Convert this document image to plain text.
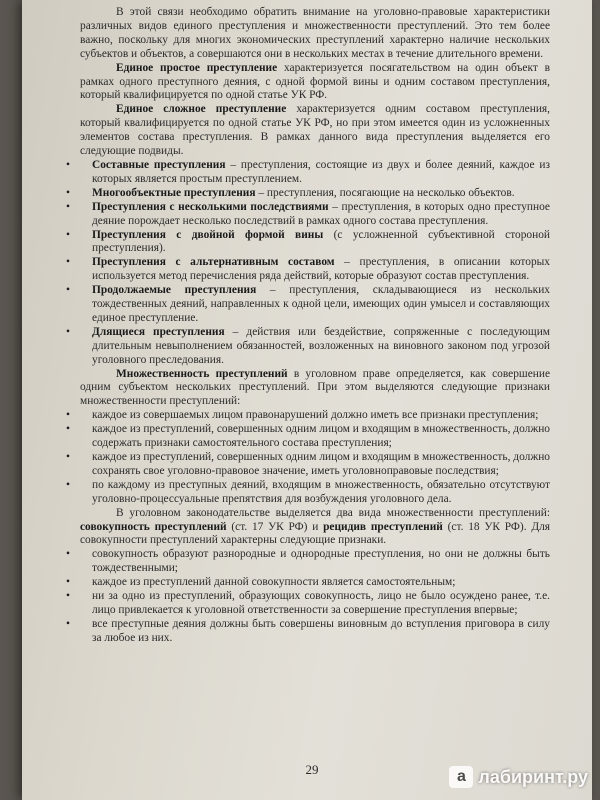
В этой связи необходимо обратить внимание на уголовно-правовые характеристики различных видов единого преступления и множественности преступлений. Это тем более важно, поскольку для многих экономических преступлений характерно наличие нескольких субъектов и объектов, а совершаются они в нескольких местах в течение длительного времени.

Единое простое преступление характеризуется посягательством на один объект в рамках одного преступного деяния, с одной формой вины и одним составом преступления, который квалифицируется по одной статье УК РФ.

Единое сложное преступление характеризуется одним составом преступления, который квалифицируется по одной статье УК РФ, но при этом имеется один из усложненных элементов состава преступления. В рамках данного вида преступления выделяется его следующие подвиды.

• Составные преступления – преступления, состоящие из двух и более деяний, каждое из которых является простым преступлением.
• Многообъектные преступления – преступления, посягающие на несколько объектов.
• Преступления с несколькими последствиями – преступления, в которых одно преступное деяние порождает несколько последствий в рамках одного состава преступления.
• Преступления с двойной формой вины (с усложненной субъективной стороной преступления).
• Преступления с альтернативным составом – преступления, в описании которых используется метод перечисления ряда действий, которые образуют состав преступления.
• Продолжаемые преступления – преступления, складывающиеся из нескольких тождественных деяний, направленных к одной цели, имеющих один умысел и составляющих единое преступление.
• Длящиеся преступления – действия или бездействие, сопряженные с последующим длительным невыполнением обязанностей, возложенных на виновного законом под угрозой уголовного преследования.

Множественность преступлений в уголовном праве определяется, как совершение одним субъектом нескольких преступлений. При этом выделяются следующие признаки множественности преступлений:

• каждое из совершаемых лицом правонарушений должно иметь все признаки преступления;
• каждое из преступлений, совершенных одним лицом и входящим в множественность, должно содержать признаки самостоятельного состава преступления;
• каждое из преступлений, совершенных одним лицом и входящим в множественность, должно сохранять свое уголовно-правовое значение, иметь уголовноправовые последствия;
• по каждому из преступных деяний, входящим в множественность, обязательно отсутствуют уголовно-процессуальные препятствия для возбуждения уголовного дела.

В уголовном законодательстве выделяется два вида множественности преступлений: совокупность преступлений (ст. 17 УК РФ) и рецидив преступлений (ст. 18 УК РФ). Для совокупности преступлений характерны следующие признаки.

• совокупность образуют разнородные и однородные преступления, но они не должны быть тождественными;
• каждое из преступлений данной совокупности является самостоятельным;
• ни за одно из преступлений, образующих совокупность, лицо не было осуждено ранее, т.е. лицо привлекается к уголовной ответственности за совершение преступления впервые;
• все преступные деяния должны быть совершены виновным до вступления приговора в силу за любое из них.
29	а лабиринт.ру
